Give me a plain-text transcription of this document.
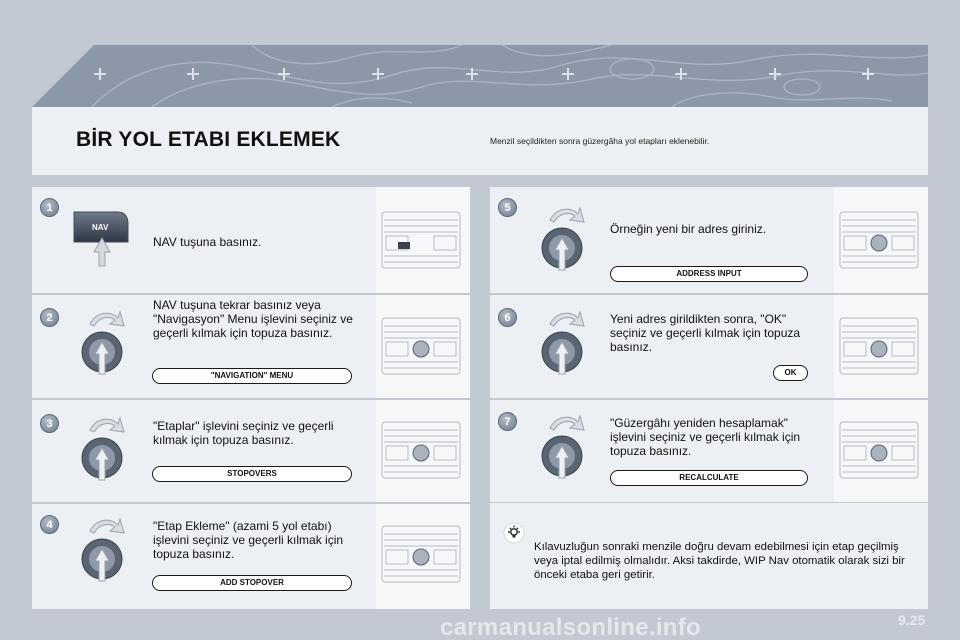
BİR YOL ETABI EKLEMEK	Menzil seçildikten sonra güzergâha yol etapları eklenebilir.
1
2
3
4
5
6
7
NAV
NAV tuşuna basınız.
NAV tuşuna tekrar basınız veya "Navigasyon" Menu işlevini seçiniz ve geçerli kılmak için topuza basınız.
"Etaplar" işlevini seçiniz ve geçerli kılmak için topuza basınız.
"Etap Ekleme" (azami 5 yol etabı) işlevini seçiniz ve geçerli kılmak için topuza basınız.
Örneğin yeni bir adres giriniz.
Yeni adres girildikten sonra, "OK" seçiniz ve geçerli kılmak için topuza basınız.
"Güzergâhı yeniden hesaplamak" işlevini seçiniz ve geçerli kılmak için topuza basınız.
"NAVIGATION" MENU
STOPOVERS
ADD STOPOVER
ADDRESS INPUT
OK
RECALCULATE
Kılavuzluğun sonraki menzile doğru devam edebilmesi için etap geçilmiş veya iptal edilmiş olmalıdır. Aksi takdirde, WIP Nav otomatik olarak sizi bir önceki etaba geri getirir.
carmanualsonline.info	9.25
